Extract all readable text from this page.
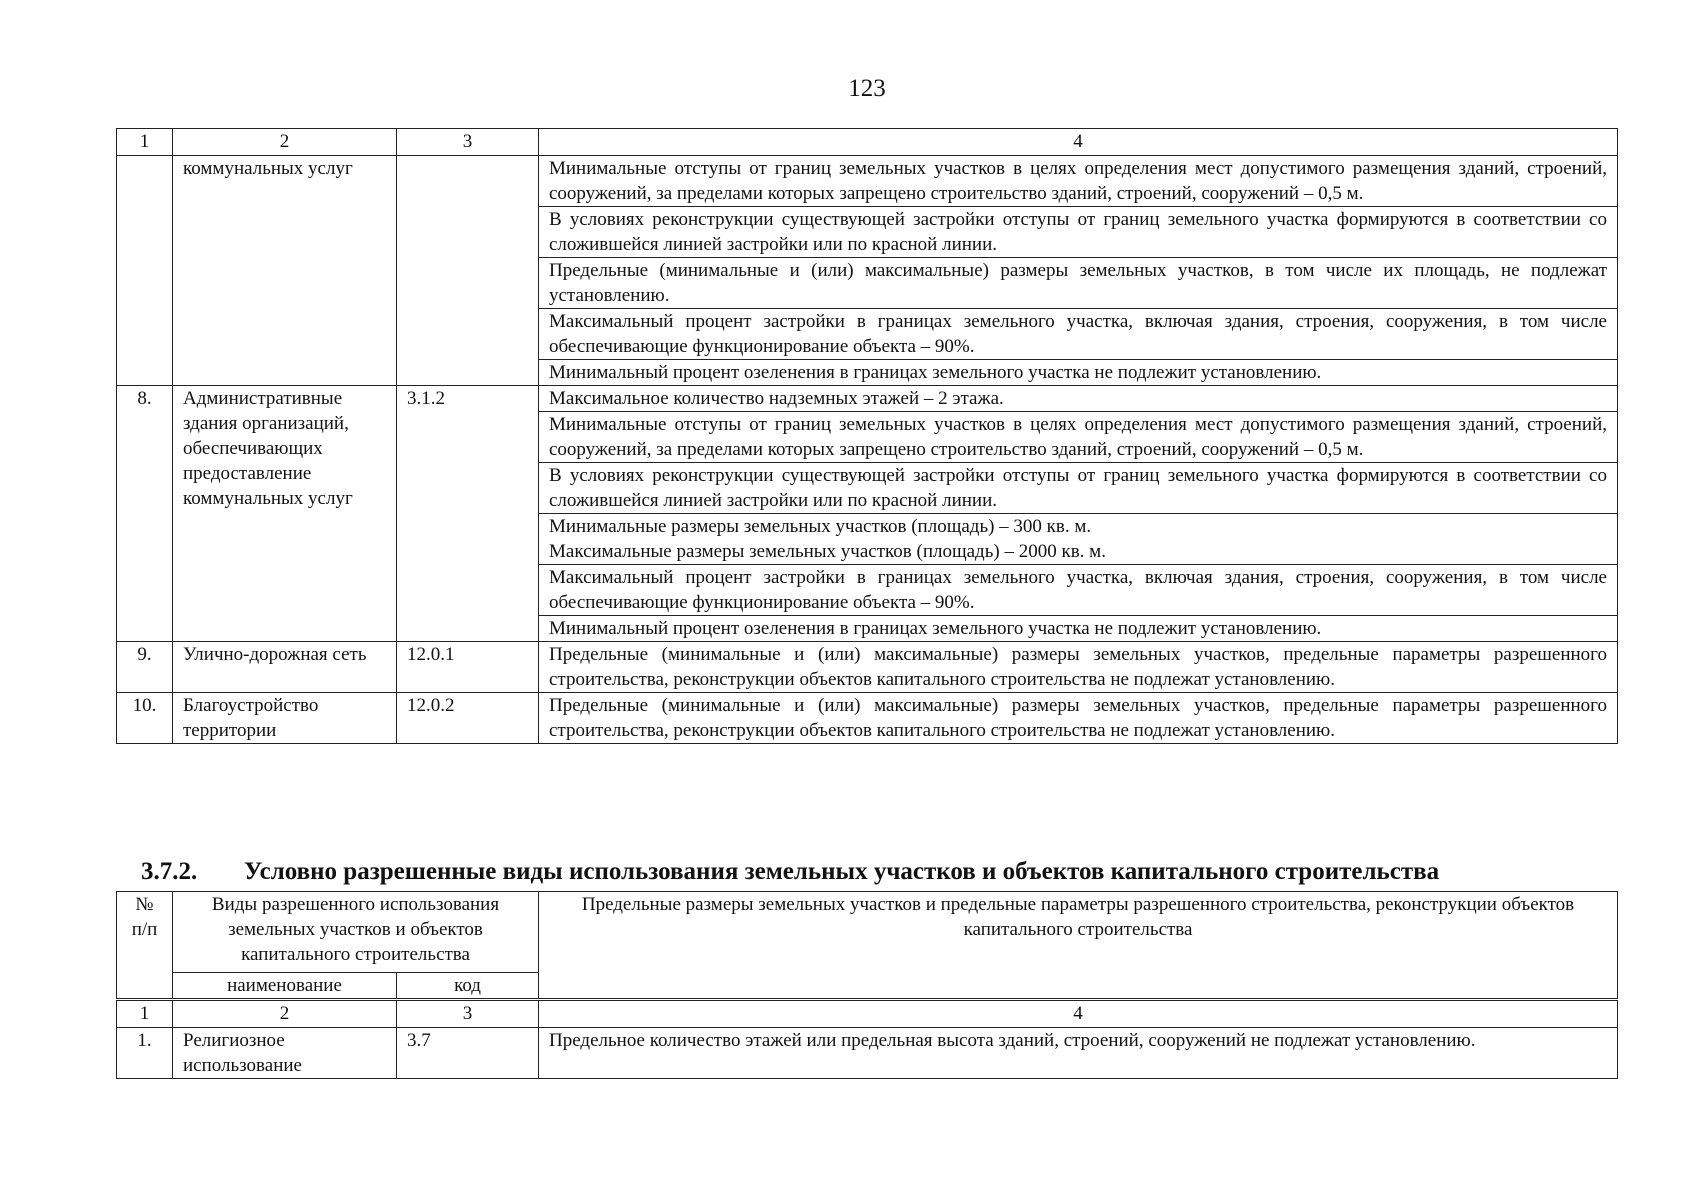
123
1	2	3	4
	коммунальных услуг		Минимальные отступы от границ земельных участков в целях определения мест допустимого размещения зданий, строений, сооружений, за пределами которых запрещено строительство зданий, строений, сооружений – 0,5 м.
			В условиях реконструкции существующей застройки отступы от границ земельного участка формируются в соответствии со сложившейся линией застройки или по красной линии.
			Предельные (минимальные и (или) максимальные) размеры земельных участков, в том числе их площадь, не подлежат установлению.
			Максимальный процент застройки в границах земельного участка, включая здания, строения, сооружения, в том числе обеспечивающие функционирование объекта – 90%.
			Минимальный процент озеленения в границах земельного участка не подлежит установлению.
8.	Административные здания организаций, обеспечивающих предоставление коммунальных услуг	3.1.2	Максимальное количество надземных этажей – 2 этажа.
			Минимальные отступы от границ земельных участков в целях определения мест допустимого размещения зданий, строений, сооружений, за пределами которых запрещено строительство зданий, строений, сооружений – 0,5 м.
			В условиях реконструкции существующей застройки отступы от границ земельного участка формируются в соответствии со сложившейся линией застройки или по красной линии.

			Минимальные размеры земельных участков (площадь) – 300 кв. м.
Максимальные размеры земельных участков (площадь) – 2000 кв. м.

			Максимальный процент застройки в границах земельного участка, включая здания, строения, сооружения, в том числе обеспечивающие функционирование объекта – 90%.
			Минимальный процент озеленения в границах земельного участка не подлежит установлению.
9.	Улично-дорожная сеть	12.0.1	Предельные (минимальные и (или) максимальные) размеры земельных участков, предельные параметры разрешенного строительства, реконструкции объектов капитального строительства не подлежат установлению.
10.	Благоустройство территории	12.0.2	Предельные (минимальные и (или) максимальные) размеры земельных участков, предельные параметры разрешенного строительства, реконструкции объектов капитального строительства не подлежат установлению.
3.7.2. Условно разрешенные виды использования земельных участков и объектов капитального строительства
№ п/п	Виды разрешенного использования земельных участков и объектов капитального строительства		Предельные размеры земельных участков и предельные параметры разрешенного строительства, реконструкции объектов капитального строительства
	наименование	код	
1	2	3	4
1.	Религиозное использование	3.7	Предельное количество этажей или предельная высота зданий, строений, сооружений не подлежат установлению.
